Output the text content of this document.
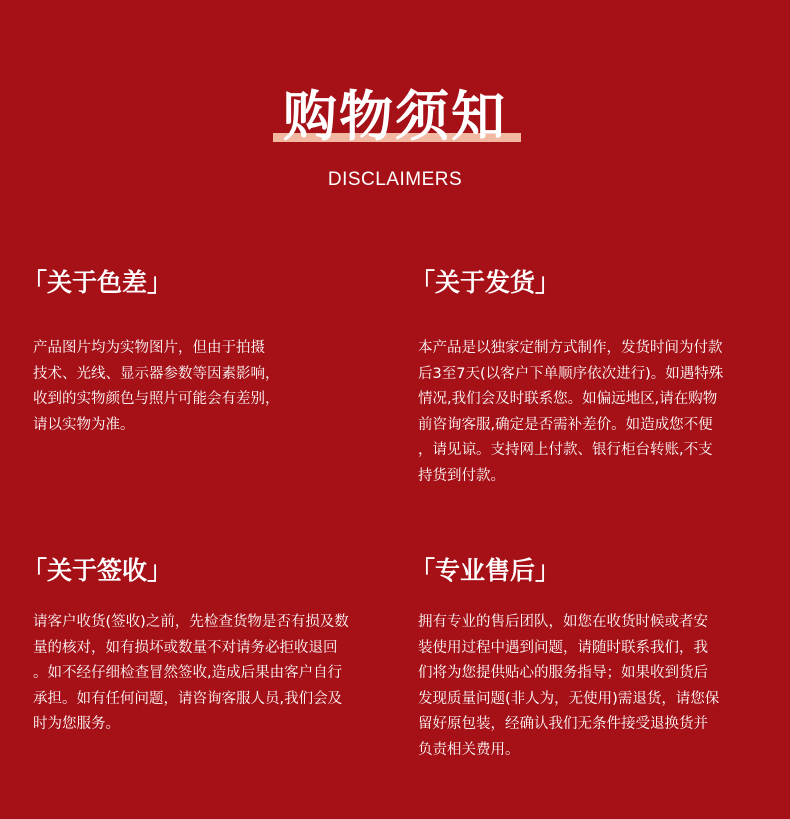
购物须知
DISCLAIMERS
「关于色差」
产品图片均为实物图片，但由于拍摄
技术、光线、显示器参数等因素影响，
收到的实物颜色与照片可能会有差别，
请以实物为准。
「关于发货」
本产品是以独家定制方式制作，发货时间为付款
后3至7天(以客户下单顺序依次进行)。如遇特殊
情况,我们会及时联系您。如偏远地区,请在购物
前咨询客服,确定是否需补差价。如造成您不便
，请见谅。支持网上付款、银行柜台转账,不支
持货到付款。
「关于签收」
请客户收货(签收)之前，先检查货物是否有损及数
量的核对，如有损坏或数量不对请务必拒收退回
。如不经仔细检查冒然签收,造成后果由客户自行
承担。如有任何问题，请咨询客服人员,我们会及
时为您服务。
「专业售后」
拥有专业的售后团队，如您在收货时候或者安
装使用过程中遇到问题，请随时联系我们，我
们将为您提供贴心的服务指导；如果收到货后
发现质量问题(非人为，无使用)需退货，请您保
留好原包装，经确认我们无条件接受退换货并
负责相关费用。
